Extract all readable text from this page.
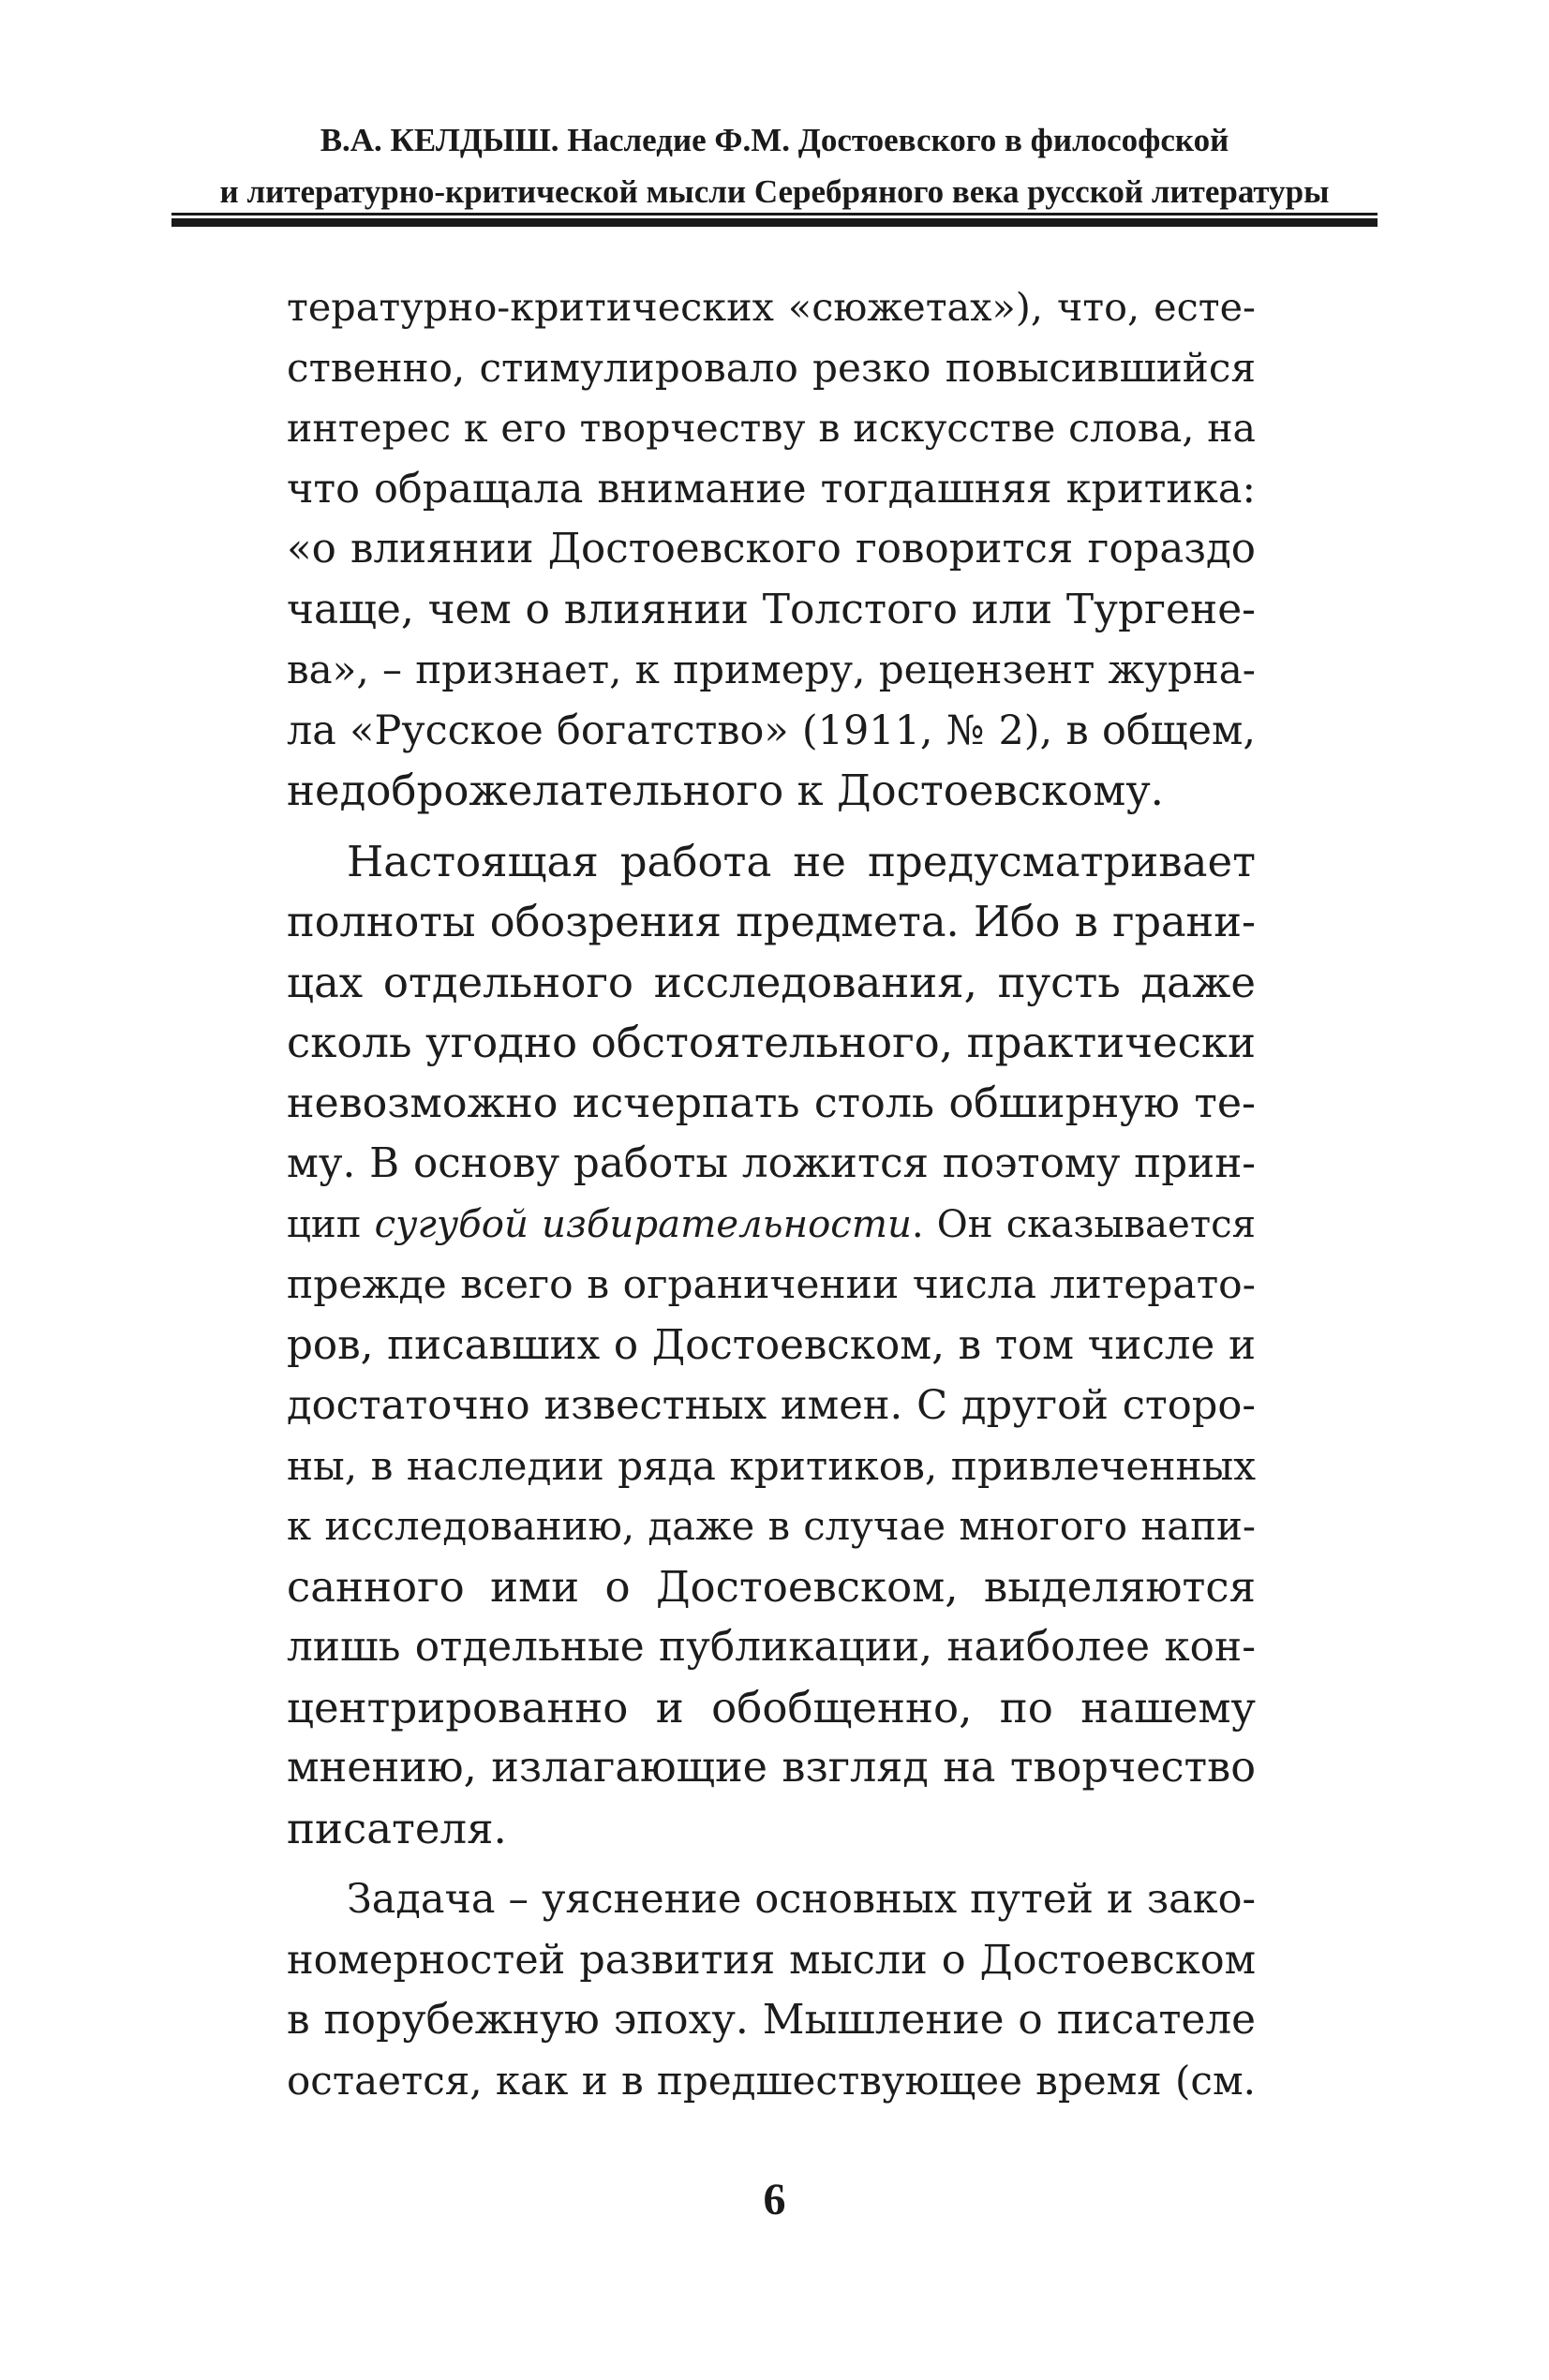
В.А. КЕЛДЫШ. Наследие Ф.М. Достоевского в философской
и литературно-критической мысли Серебряного века русской литературы
тературно-критических «сюжетах»), что, есте-
ственно, стимулировало резко повысившийся
интерес к его творчеству в искусстве слова, на
что обращала внимание тогдашняя критика:
«о влиянии Достоевского говорится гораздо
чаще, чем о влиянии Толстого или Тургене-
ва», – признает, к примеру, рецензент журна-
ла «Русское богатство» (1911, № 2), в общем,
недоброжелательного к Достоевскому.
Настоящая работа не предусматривает
полноты обозрения предмета. Ибо в грани-
цах отдельного исследования, пусть даже
сколь угодно обстоятельного, практически
невозможно исчерпать столь обширную те-
му. В основу работы ложится поэтому прин-
цип сугубой избирательности. Он сказывается
прежде всего в ограничении числа литерато-
ров, писавших о Достоевском, в том числе и
достаточно известных имен. С другой сторо-
ны, в наследии ряда критиков, привлеченных
к исследованию, даже в случае многого напи-
санного ими о Достоевском, выделяются
лишь отдельные публикации, наиболее кон-
центрированно и обобщенно, по нашему
мнению, излагающие взгляд на творчество
писателя.
Задача – уяснение основных путей и зако-
номерностей развития мысли о Достоевском
в порубежную эпоху. Мышление о писателе
остается, как и в предшествующее время (см.
6
